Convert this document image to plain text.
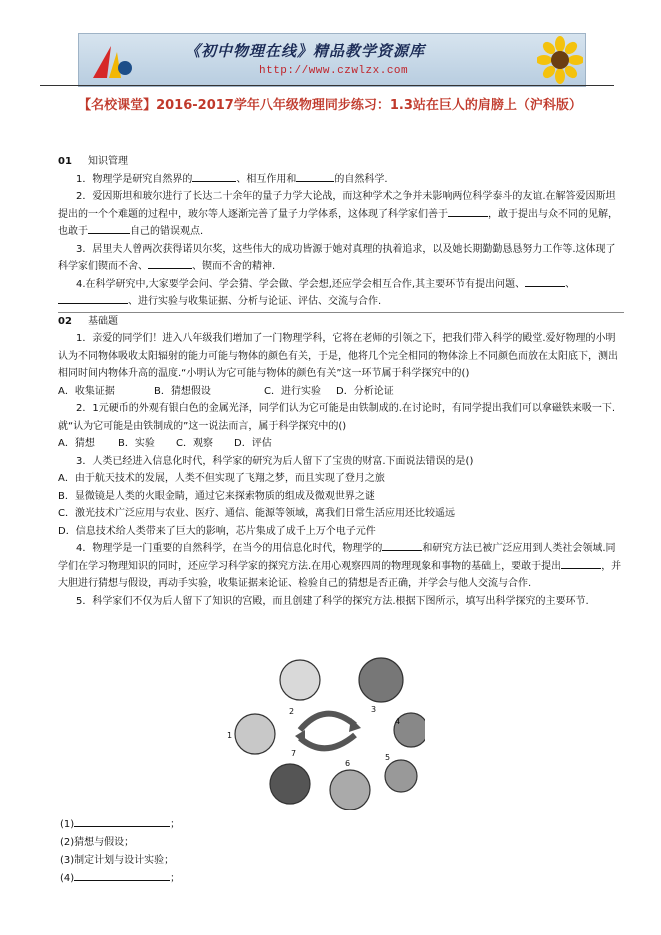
《初中物理在线》精品教学资源库
http://www.czwlzx.com
【名校课堂】2016-2017学年八年级物理同步练习：1.3站在巨人的肩膀上（沪科版）

01 知识管理

1．物理学是研究自然界的	、相互作用和	的自然科学.

2．爱因斯坦和玻尔进行了长达二十余年的量子力学大论战，而这种学术之争并未影响两位科学泰斗的友谊.在解答爱因斯坦提出的一个个难题的过程中，玻尔等人逐渐完善了量子力学体系，这体现了科学家们善于	，敢于提出与众不同的见解，也敢于	自己的错误观点.

3．居里夫人曾两次获得诺贝尔奖，这些伟大的成功皆源于她对真理的执着追求，以及她长期勤勤恳恳努力工作等.这体现了科学家们锲而不舍、	、锲而不舍的精神.

4.在科学研究中,大家要学会问、学会猜、学会做、学会想,还应学会相互合作,其主要环节有提出问题、	、、进行实验与收集证据、分析与论证、评估、交流与合作.

02 基础题

1．亲爱的同学们！进入八年级我们增加了一门物理学科，它将在老师的引领之下，把我们带入科学的殿堂.爱好物理的小明认为不同物体吸收太阳辐射的能力可能与物体的颜色有关，于是，他将几个完全相同的物体涂上不同颜色而放在太阳底下，测出相同时间内物体升高的温度.“小明认为它可能与物体的颜色有关”这一环节属于科学探究中的()

A．收集证据	B．猜想假设	C．进行实验 D．分析论证

2．1元硬币的外观有银白色的金属光泽，同学们认为它可能是由铁制成的.在讨论时，有同学提出我们可以拿磁铁来吸一下.就“认为它可能是由铁制成的”这一说法而言，属于科学探究中的()

A．猜想 B．实验 C．观察 D．评估

3．人类已经进入信息化时代，科学家的研究为后人留下了宝贵的财富.下面说法错误的是()

A．由于航天技术的发展，人类不但实现了飞翔之梦，而且实现了登月之旅

B．显微镜是人类的火眼金睛，通过它来探索物质的组成及微观世界之谜

C．激光技术广泛应用与农业、医疗、通信、能源等领域，离我们日常生活应用还比较遥远

D．信息技术给人类带来了巨大的影响，芯片集成了成千上万个电子元件

4．物理学是一门重要的自然科学，在当今的用信息化时代，物理学的	和研究方法已被广泛应用到人类社会领域.同学们在学习物理知识的同时，还应学习科学家的探究方法.在用心观察四周的物理现象和事物的基础上，要敢于提出	，并大胆进行猜想与假设，再动手实验，收集证据来论证、检验自己的猜想是否正确，并学会与他人交流与合作.

5．科学家们不仅为后人留下了知识的宫殿，而且创建了科学的探究方法.根据下图所示，填写出科学探究的主要环节.

2	3
4
1
5
6
7

(1)	；

(2)猜想与假设；

(3)制定计划与设计实验；

(4)	；
